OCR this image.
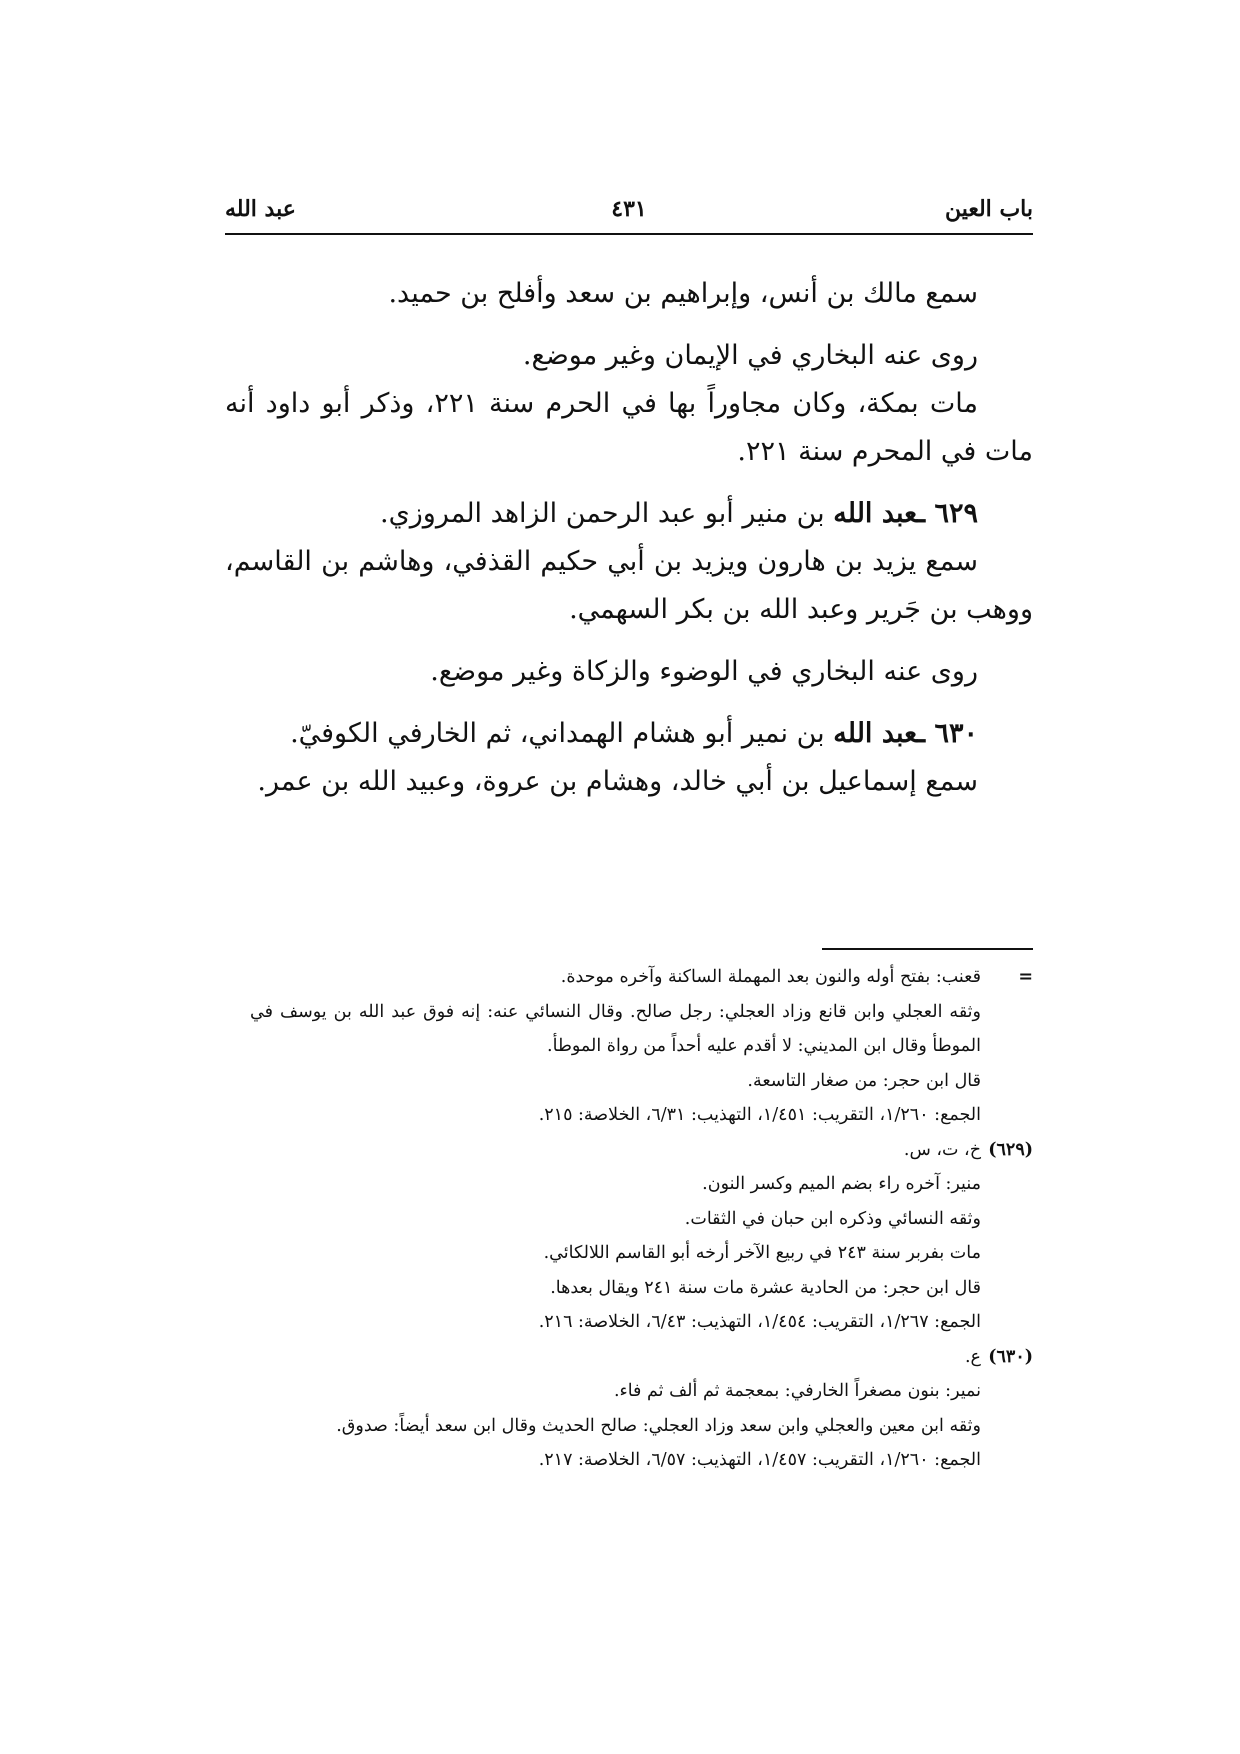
باب العين
٤٣١
عبد الله

سمع مالك بن أنس، وإبراهيم بن سعد وأفلح بن حميد.

روى عنه البخاري في الإيمان وغير موضع.

مات بمكة، وكان مجاوراً بها في الحرم سنة ٢٢١، وذكر أبو داود أنه مات في المحرم سنة ٢٢١.

٦٢٩ ـعبد الله بن منير أبو عبد الرحمن الزاهد المروزي.

سمع يزيد بن هارون ويزيد بن أبي حكيم القذفي، وهاشم بن القاسم، ووهب بن جَرير وعبد الله بن بكر السهمي.

روى عنه البخاري في الوضوء والزكاة وغير موضع.

٦٣٠ ـعبد الله بن نمير أبو هشام الهمداني، ثم الخارفي الكوفيّ.

سمع إسماعيل بن أبي خالد، وهشام بن عروة، وعبيد الله بن عمر.

=قعنب: بفتح أوله والنون بعد المهملة الساكنة وآخره موحدة.

وثقه العجلي وابن قانع وزاد العجلي: رجل صالح. وقال النسائي عنه: إنه فوق عبد الله بن يوسف في الموطأ وقال ابن المديني: لا أقدم عليه أحداً من رواة الموطأ.

قال ابن حجر: من صغار التاسعة.

الجمع: ١/٢٦٠، التقريب: ١/٤٥١، التهذيب: ٦/٣١، الخلاصة: ٢١٥.

(٦٢٩)خ، ت، س.

منير: آخره راء بضم الميم وكسر النون.

وثقه النسائي وذكره ابن حبان في الثقات.

مات بفربر سنة ٢٤٣ في ربيع الآخر أرخه أبو القاسم اللالكائي.

قال ابن حجر: من الحادية عشرة مات سنة ٢٤١ ويقال بعدها.

الجمع: ١/٢٦٧، التقريب: ١/٤٥٤، التهذيب: ٦/٤٣، الخلاصة: ٢١٦.

(٦٣٠)ع.

نمير: بنون مصغراً الخارفي: بمعجمة ثم ألف ثم فاء.

وثقه ابن معين والعجلي وابن سعد وزاد العجلي: صالح الحديث وقال ابن سعد أيضاً: صدوق.

الجمع: ١/٢٦٠، التقريب: ١/٤٥٧، التهذيب: ٦/٥٧، الخلاصة: ٢١٧.
